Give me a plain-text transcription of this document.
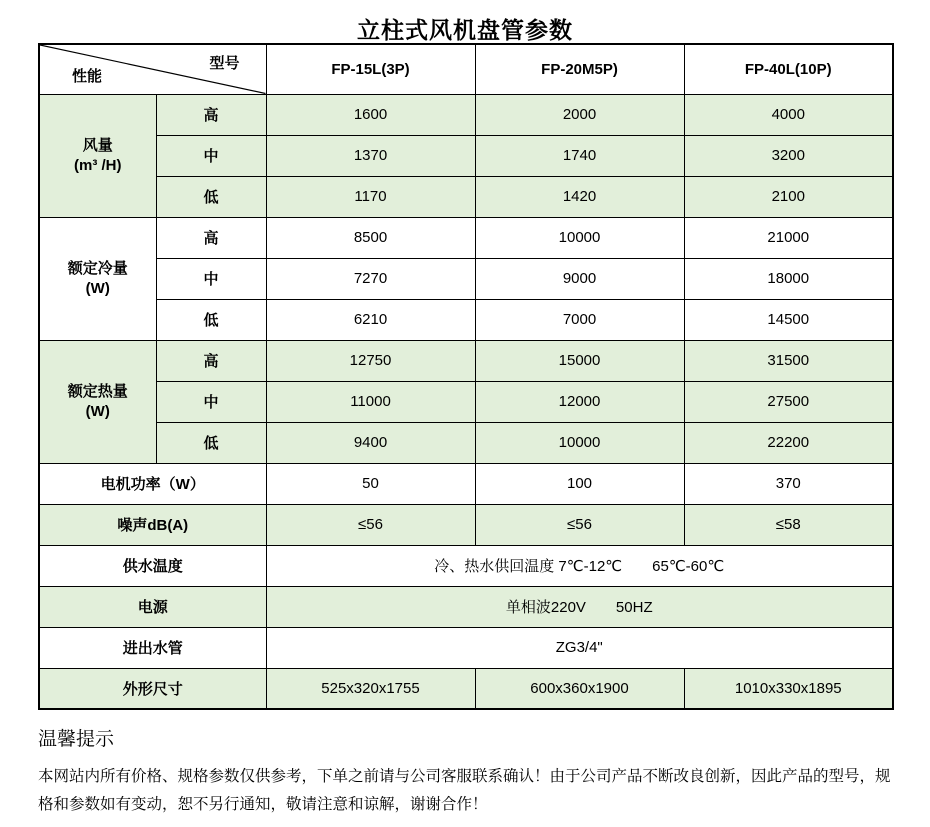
立柱式风机盘管参数
型号
性能		FP-15L(3P)	FP-20M5P)	FP-40L(10P)

风量
(m³ /H)	高	1600	2000	4000
	中	1370	1740	3200
	低	1170	1420	2100

额定冷量
(W)	高	8500	10000	21000
	中	7270	9000	18000
	低	6210	7000	14500

额定热量
(W)	高	12750	15000	31500
	中	11000	12000	27500
	低	9400	10000	22200
电机功率（W）		50	100	370
噪声dB(A)		≤56	≤56	≤58
供水温度		冷、热水供回温度 7℃-12℃　　65℃-60℃		
电源		单相波220V　　50HZ		
进出水管		ZG3/4"		
外形尺寸		525x320x1755	600x360x1900	1010x330x1895

温馨提示

本网站内所有价格、规格参数仅供参考，下单之前请与公司客服联系确认！由于公司产品不断改良创新，因此产品的型号，规格和参数如有变动，恕不另行通知，敬请注意和谅解，谢谢合作！
